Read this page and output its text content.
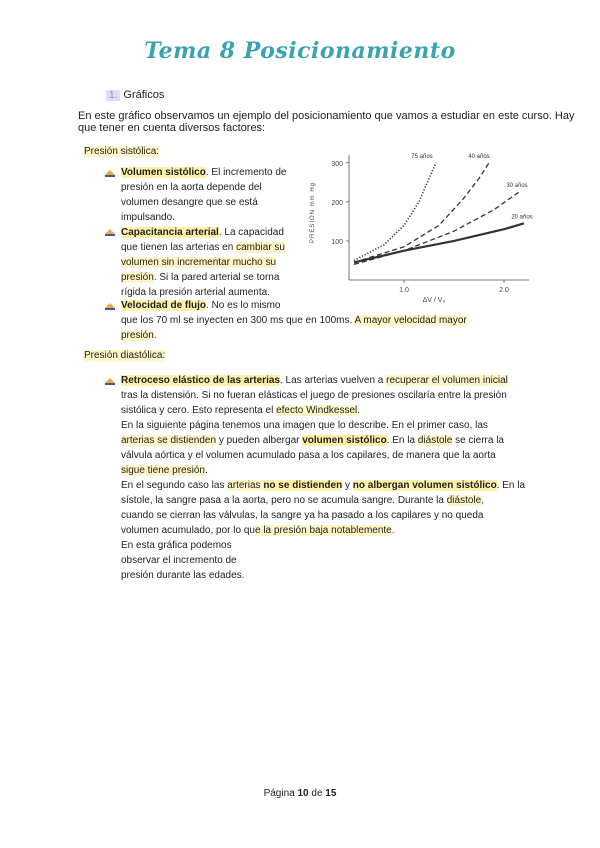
Tema 8 Posicionamiento
1. Gráficos
En este gráfico observamos un ejemplo del posicionamiento que vamos a estudiar en este curso. Hay que tener en cuenta diversos factores:
Presión sistólica:
Volumen sistólico. El incremento de
presión en la aorta depende del
volumen desangre que se está
impulsando.
Capacitancia arterial. La capacidad
que tienen las arterias en cambiar su
volumen sin incrementar mucho su
presión. Si la pared arterial se torna
rígida la presión arterial aumenta.
Velocidad de flujo. No es lo mismo
que los 70 ml se inyecten en 300 ms que en 100ms. A mayor velocidad mayor
presión.
300
200
100
1.0	2.0
PRESION mm Hg
ΔV / V₀
75 años	40 años
30 años
20 años
Presión diastólica:
Retroceso elástico de las arterias. Las arterias vuelven a recuperar el volumen inicial
tras la distensión. Si no fueran elásticas el juego de presiones oscilaría entre la presión
sistólica y cero. Esto representa el efecto Windkessel.
En la siguiente página tenemos una imagen que lo describe. En el primer caso, las
arterias se distienden y pueden albergar volumen sistólico. En la diástole se cierra la
válvula aórtica y el volumen acumulado pasa a los capilares, de manera que la aorta
sigue tiene presión.
En el segundo caso las arterias no se distienden y no albergan volumen sistólico. En la
sístole, la sangre pasa a la aorta, pero no se acumula sangre. Durante la diástole,
cuando se cierran las válvulas, la sangre ya ha pasado a los capilares y no queda
volumen acumulado, por lo que la presión baja notablemente.
En esta gráfica podemos
observar el incremento de
presión durante las edades.
Página 10 de 15
